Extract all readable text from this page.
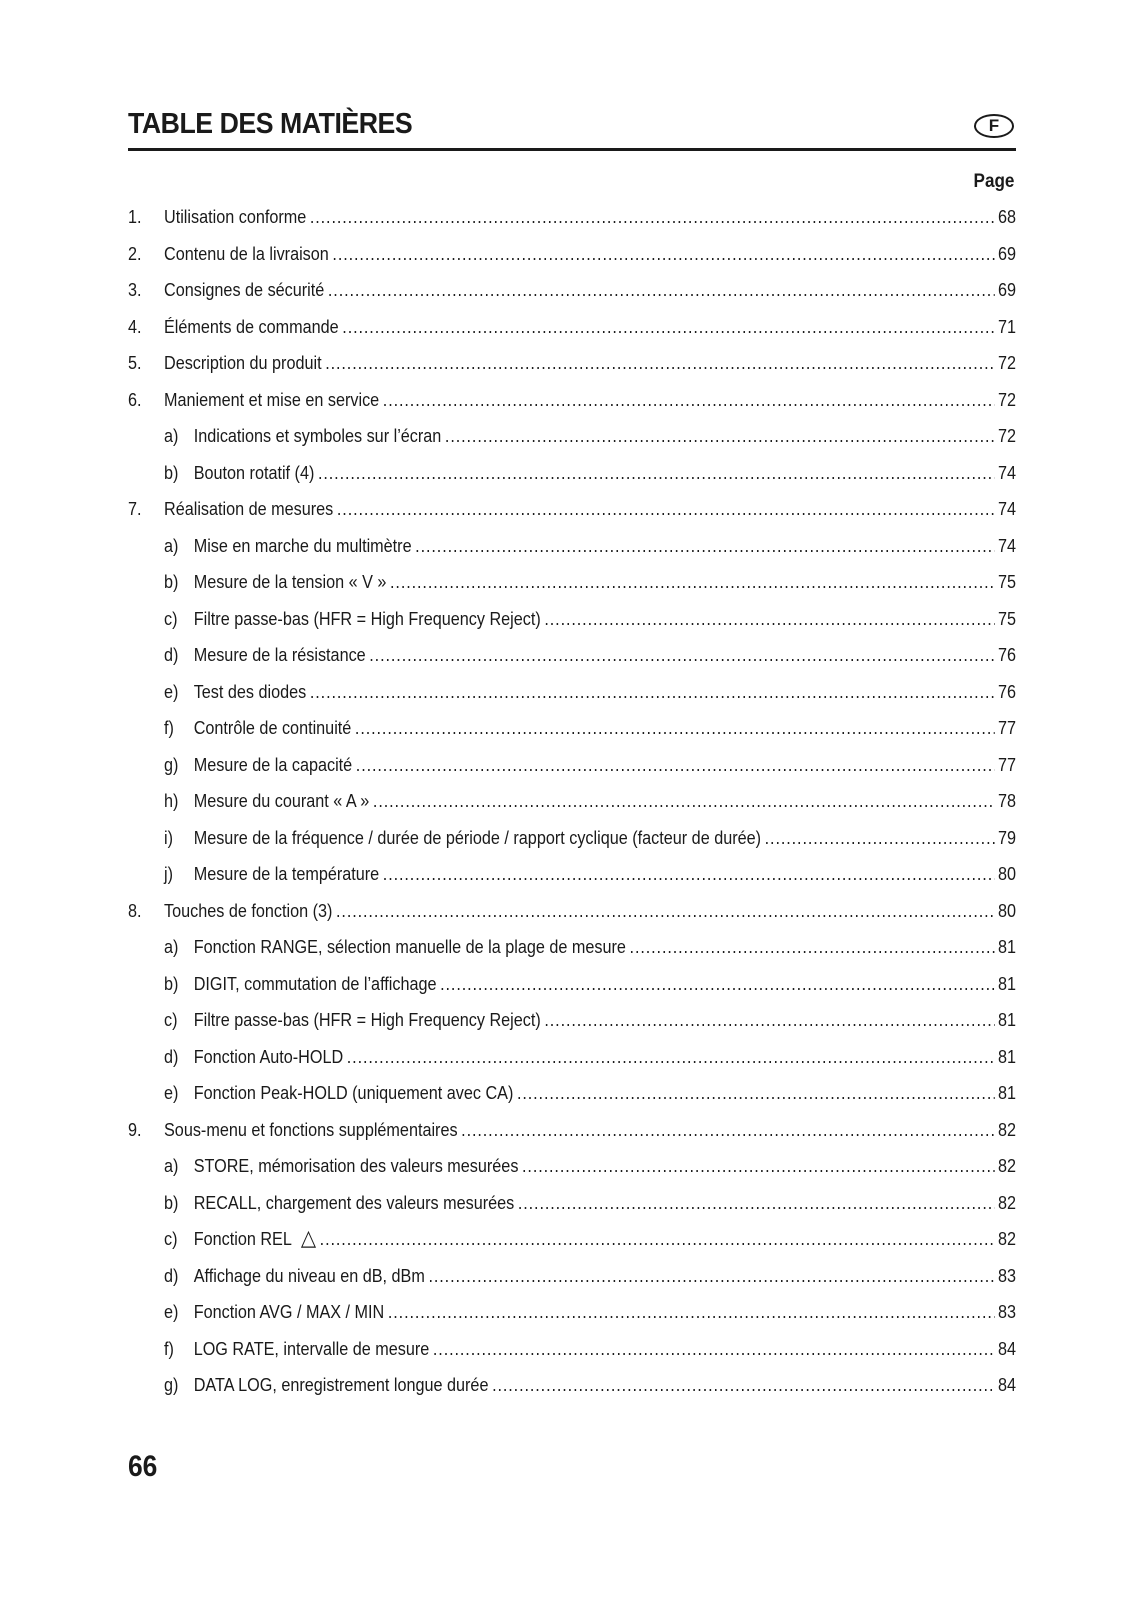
TABLE DES MATIÈRES	F
Page
1.	Utilisation conforme .....	68
2.	Contenu de la livraison .....	69
3.	Consignes de sécurité .....	69
4.	Éléments de commande .....	71
5.	Description du produit .....	72
6.	Maniement et mise en service .....	72
a) Indications et symboles sur l’écran .....	72
b) Bouton rotatif (4) .....	74
7.	Réalisation de mesures .....	74
a) Mise en marche du multimètre .....	74
b) Mesure de la tension « V » .....	75
c) Filtre passe-bas (HFR = High Frequency Reject) .....	75
d) Mesure de la résistance .....	76
e) Test des diodes .....	76
f)	Contrôle de continuité .....	77
g) Mesure de la capacité .....	77
h) Mesure du courant « A » .....	78
i)	Mesure de la fréquence / durée de période / rapport cyclique (facteur de durée) .....	79
j)	Mesure de la température .....	80
8.	Touches de fonction (3) .....	80
a) Fonction RANGE, sélection manuelle de la plage de mesure .....	81
b) DIGIT, commutation de l’affichage .....	81
c) Filtre passe-bas (HFR = High Frequency Reject) .....	81
d) Fonction Auto-HOLD .....	81
e) Fonction Peak-HOLD (uniquement avec CA) .....	81
9.	Sous-menu et fonctions supplémentaires .....	82
a) STORE, mémorisation des valeurs mesurées .....	82
b) RECALL, chargement des valeurs mesurées .....	82
c) Fonction REL △ .....	82
d) Affichage du niveau en dB, dBm .....	83
e) Fonction AVG / MAX / MIN .....	83
f)	LOG RATE, intervalle de mesure .....	84
g) DATA LOG, enregistrement longue durée .....	84
66
